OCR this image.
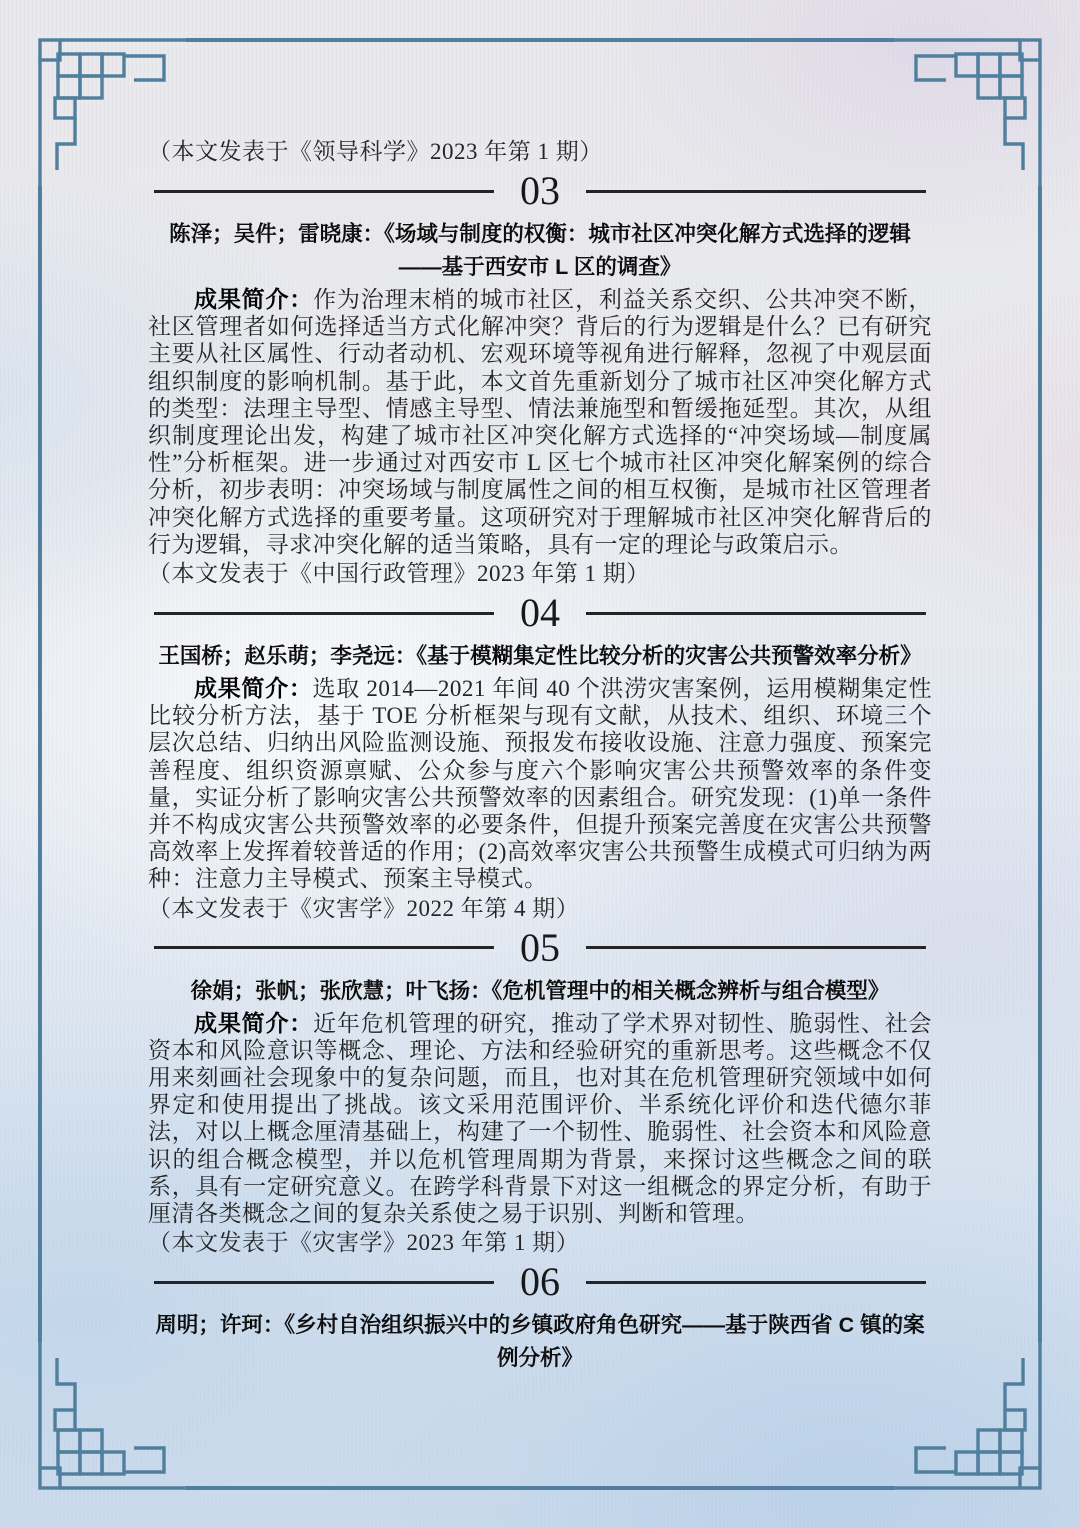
（本文发表于《领导科学》2023 年第 1 期）

03
陈泽；吴件；雷晓康：《场域与制度的权衡：城市社区冲突化解方式选择的逻辑——基于西安市 L 区的调查》

成果简介：作为治理末梢的城市社区，利益关系交织、公共冲突不断，社区管理者如何选择适当方式化解冲突？背后的行为逻辑是什么？已有研究主要从社区属性、行动者动机、宏观环境等视角进行解释，忽视了中观层面组织制度的影响机制。基于此，本文首先重新划分了城市社区冲突化解方式的类型：法理主导型、情感主导型、情法兼施型和暂缓拖延型。其次，从组织制度理论出发，构建了城市社区冲突化解方式选择的“冲突场域—制度属性”分析框架。进一步通过对西安市 L 区七个城市社区冲突化解案例的综合分析，初步表明：冲突场域与制度属性之间的相互权衡，是城市社区管理者冲突化解方式选择的重要考量。这项研究对于理解城市社区冲突化解背后的行为逻辑，寻求冲突化解的适当策略，具有一定的理论与政策启示。

（本文发表于《中国行政管理》2023 年第 1 期）

04
王国桥；赵乐萌；李尧远：《基于模糊集定性比较分析的灾害公共预警效率分析》

成果简介：选取 2014—2021 年间 40 个洪涝灾害案例，运用模糊集定性比较分析方法，基于 TOE 分析框架与现有文献，从技术、组织、环境三个层次总结、归纳出风险监测设施、预报发布接收设施、注意力强度、预案完善程度、组织资源禀赋、公众参与度六个影响灾害公共预警效率的条件变量，实证分析了影响灾害公共预警效率的因素组合。研究发现：(1)单一条件并不构成灾害公共预警效率的必要条件，但提升预案完善度在灾害公共预警高效率上发挥着较普适的作用；(2)高效率灾害公共预警生成模式可归纳为两种：注意力主导模式、预案主导模式。

（本文发表于《灾害学》2022 年第 4 期）

05
徐娟；张帆；张欣慧；叶飞扬：《危机管理中的相关概念辨析与组合模型》

成果简介：近年危机管理的研究，推动了学术界对韧性、脆弱性、社会资本和风险意识等概念、理论、方法和经验研究的重新思考。这些概念不仅用来刻画社会现象中的复杂问题，而且，也对其在危机管理研究领域中如何界定和使用提出了挑战。该文采用范围评价、半系统化评价和迭代德尔菲法，对以上概念厘清基础上，构建了一个韧性、脆弱性、社会资本和风险意识的组合概念模型，并以危机管理周期为背景，来探讨这些概念之间的联系，具有一定研究意义。在跨学科背景下对这一组概念的界定分析，有助于厘清各类概念之间的复杂关系使之易于识别、判断和管理。

（本文发表于《灾害学》2023 年第 1 期）

06
周明；许珂：《乡村自治组织振兴中的乡镇政府角色研究——基于陕西省 C 镇的案例分析》
